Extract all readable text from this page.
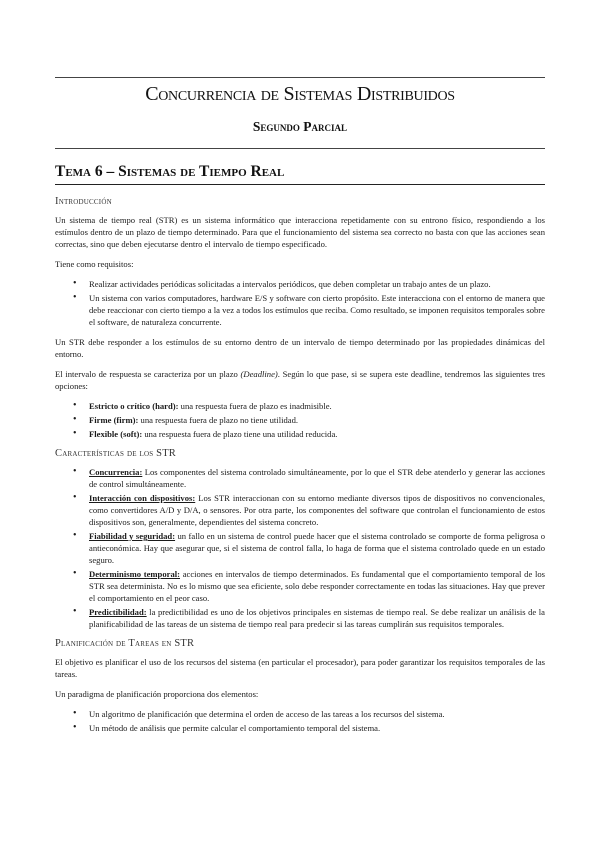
Concurrencia de Sistemas Distribuidos
Segundo Parcial
Tema 6 – Sistemas de Tiempo Real
Introducción

Un sistema de tiempo real (STR) es un sistema informático que interacciona repetidamente con su entrono físico, respondiendo a los estímulos dentro de un plazo de tiempo determinado. Para que el funcionamiento del sistema sea correcto no basta con que las acciones sean correctas, sino que deben ejecutarse dentro el intervalo de tiempo especificado.

Tiene como requisitos:

• Realizar actividades periódicas solicitadas a intervalos periódicos, que deben completar un trabajo antes de un plazo.
• Un sistema con varios computadores, hardware E/S y software con cierto propósito. Este interacciona con el entorno de manera que debe reaccionar con cierto tiempo a la vez a todos los estímulos que reciba. Como resultado, se imponen requisitos temporales sobre el software, de naturaleza concurrente.

Un STR debe responder a los estímulos de su entorno dentro de un intervalo de tiempo determinado por las propiedades dinámicas del entorno.

El intervalo de respuesta se caracteriza por un plazo (Deadline). Según lo que pase, si se supera este deadline, tendremos las siguientes tres opciones:

• Estricto o crítico (hard): una respuesta fuera de plazo es inadmisible.
• Firme (firm): una respuesta fuera de plazo no tiene utilidad.
• Flexible (soft): una respuesta fuera de plazo tiene una utilidad reducida.
Características de los STR
• Concurrencia: Los componentes del sistema controlado simultáneamente, por lo que el STR debe atenderlo y generar las acciones de control simultáneamente.
• Interacción con dispositivos: Los STR interaccionan con su entorno mediante diversos tipos de dispositivos no convencionales, como convertidores A/D y D/A, o sensores. Por otra parte, los componentes del software que controlan el funcionamiento de estos dispositivos son, generalmente, dependientes del sistema concreto.
• Fiabilidad y seguridad: un fallo en un sistema de control puede hacer que el sistema controlado se comporte de forma peligrosa o antieconómica. Hay que asegurar que, si el sistema de control falla, lo haga de forma que el sistema controlado quede en un estado seguro.
• Determinismo temporal: acciones en intervalos de tiempo determinados. Es fundamental que el comportamiento temporal de los STR sea determinista. No es lo mismo que sea eficiente, solo debe responder correctamente en todas las situaciones. Hay que prever el comportamiento en el peor caso.
• Predictibilidad: la predictibilidad es uno de los objetivos principales en sistemas de tiempo real. Se debe realizar un análisis de la planificabilidad de las tareas de un sistema de tiempo real para predecir si las tareas cumplirán sus requisitos temporales.
Planificación de Tareas en STR

El objetivo es planificar el uso de los recursos del sistema (en particular el procesador), para poder garantizar los requisitos temporales de las tareas.

Un paradigma de planificación proporciona dos elementos:

• Un algoritmo de planificación que determina el orden de acceso de las tareas a los recursos del sistema.
• Un método de análisis que permite calcular el comportamiento temporal del sistema.
